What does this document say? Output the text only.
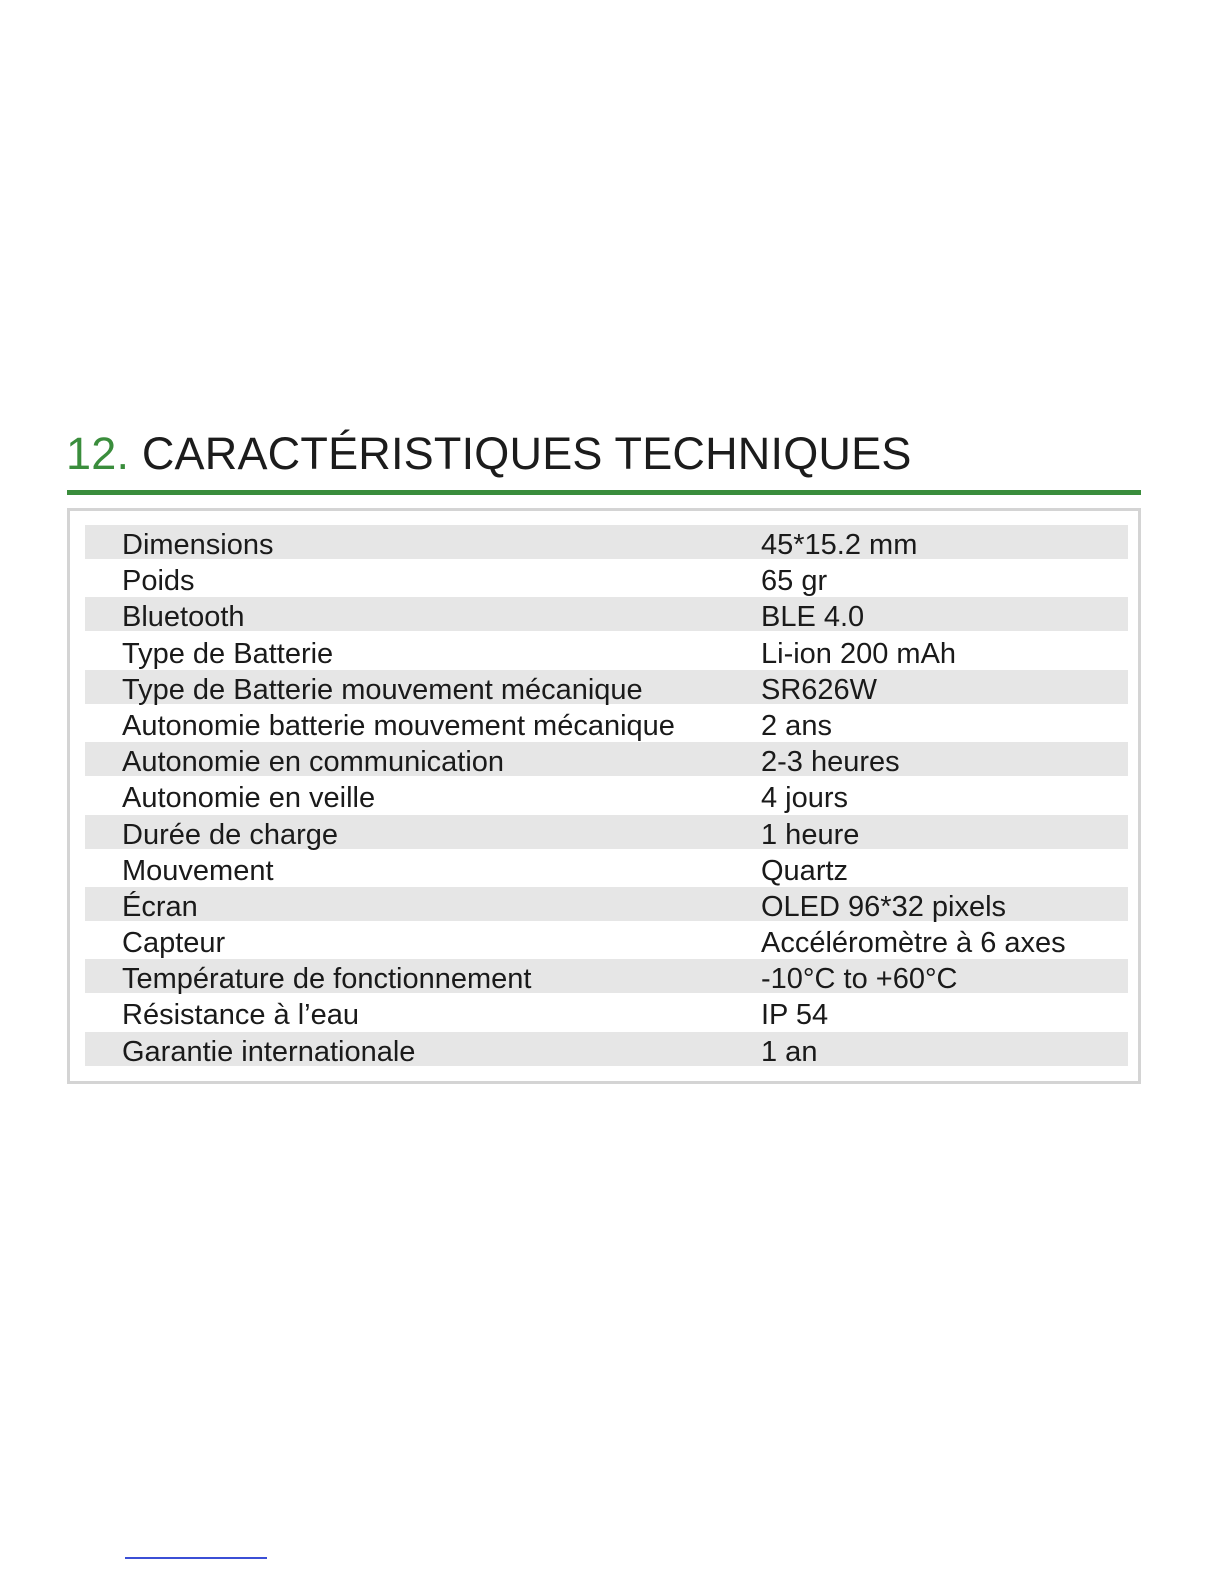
12. CARACTÉRISTIQUES TECHNIQUES
Dimensions	45*15.2 mm
Poids	65 gr
Bluetooth	BLE 4.0
Type de Batterie	Li-ion 200 mAh
Type de Batterie mouvement mécanique	SR626W
Autonomie batterie mouvement mécanique	2 ans
Autonomie en communication	2-3 heures
Autonomie en veille	4 jours
Durée de charge	1 heure
Mouvement	Quartz
Écran	OLED 96*32 pixels
Capteur	Accéléromètre à 6 axes
Température de fonctionnement	-10°C to +60°C
Résistance à l’eau	IP 54
Garantie internationale	1 an
